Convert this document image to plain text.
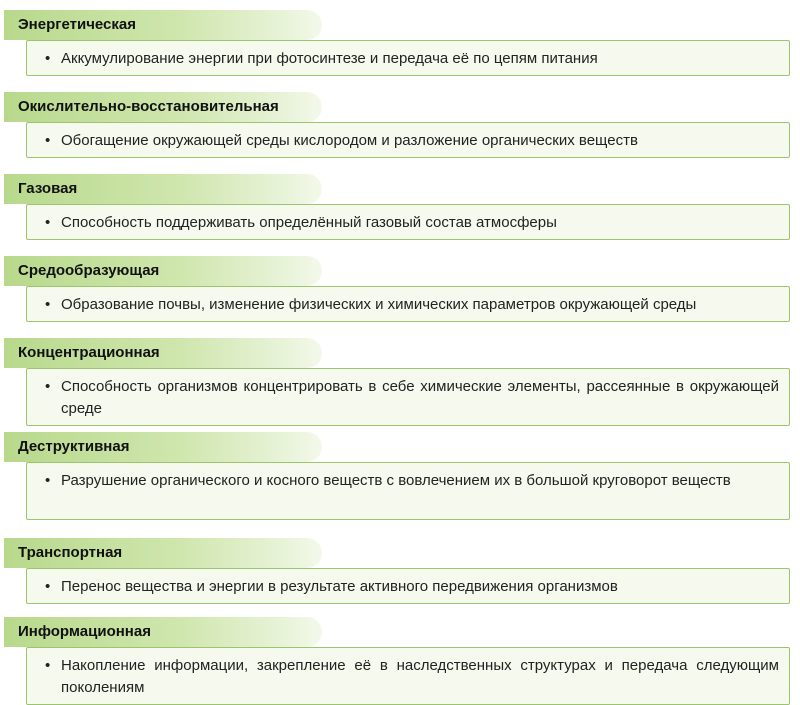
Энергетическая
• Аккумулирование энергии при фотосинтезе и передача её по цепям питания
Окислительно-восстановительная
• Обогащение окружающей среды кислородом и разложение органических веществ
Газовая
• Способность поддерживать определённый газовый состав атмосферы
Средообразующая
• Образование почвы, изменение физических и химических параметров окружающей среды
Концентрационная
• Способность организмов концентрировать в себе химические элементы, рассеянные в окружающей среде
Деструктивная
• Разрушение органического и косного веществ с вовлечением их в большой круговорот веществ
Транспортная
• Перенос вещества и энергии в результате активного передвижения организмов
Информационная
• Накопление информации, закрепление её в наследственных структурах и передача следующим поколениям
